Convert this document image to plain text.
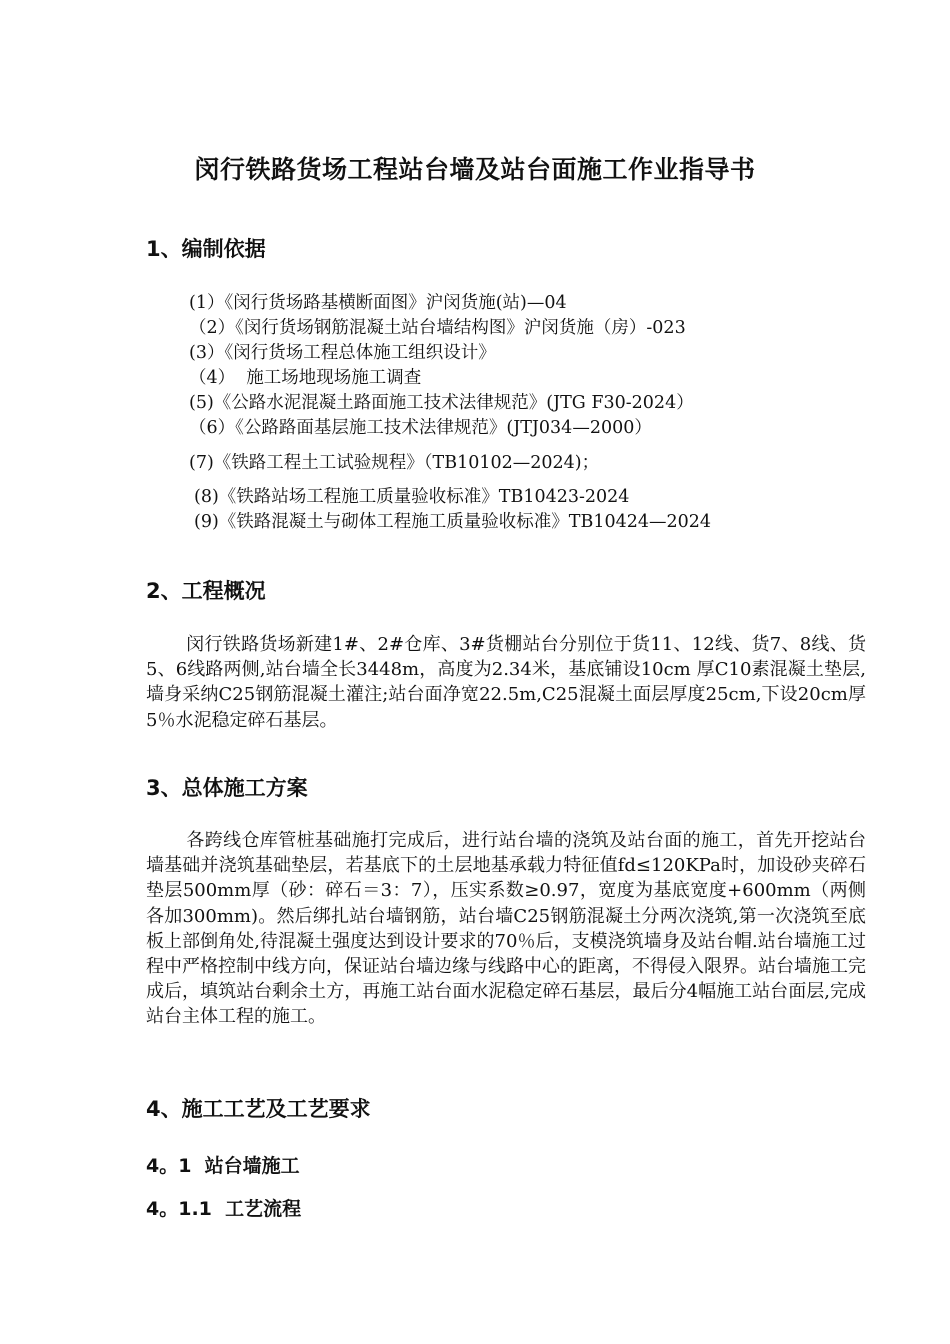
闵行铁路货场工程站台墙及站台面施工作业指导书
1、编制依据
(1）《闵行货场路基横断面图》沪闵货施(站)—04
（2）《闵行货场钢筋混凝土站台墙结构图》沪闵货施（房）-023
(3）《闵行货场工程总体施工组织设计》
（4）  施工场地现场施工调查
(5)《公路水泥混凝土路面施工技术法律规范》(JTG F30-2024）
（6）《公路路面基层施工技术法律规范》(JTJ034—2000）
(7)《铁路工程土工试验规程》（TB10102—2024)；
(8)《铁路站场工程施工质量验收标准》TB10423-2024
(9)《铁路混凝土与砌体工程施工质量验收标准》TB10424—2024
2、工程概况
闵行铁路货场新建1#、2#仓库、3#货棚站台分别位于货11、12线、货7、8线、货5、6线路两侧,站台墙全长3448m，高度为2.34米，基底铺设10cm 厚C10素混凝土垫层,墙身采纳C25钢筋混凝土灌注;站台面净宽22.5m,C25混凝土面层厚度25cm,下设20cm厚5％水泥稳定碎石基层。
3、总体施工方案
各跨线仓库管桩基础施打完成后，进行站台墙的浇筑及站台面的施工，首先开挖站台墙基础并浇筑基础垫层，若基底下的土层地基承载力特征值fd≤120KPa时，加设砂夹碎石垫层500mm厚（砂：碎石＝3：7），压实系数≥0.97，宽度为基底宽度+600mm（两侧各加300mm)。然后绑扎站台墙钢筋，站台墙C25钢筋混凝土分两次浇筑,第一次浇筑至底板上部倒角处,待混凝土强度达到设计要求的70％后，支模浇筑墙身及站台帽.站台墙施工过程中严格控制中线方向，保证站台墙边缘与线路中心的距离，不得侵入限界。站台墙施工完成后，填筑站台剩余土方，再施工站台面水泥稳定碎石基层，最后分4幅施工站台面层,完成站台主体工程的施工。
4、施工工艺及工艺要求
4。1  站台墙施工
4。1.1  工艺流程
